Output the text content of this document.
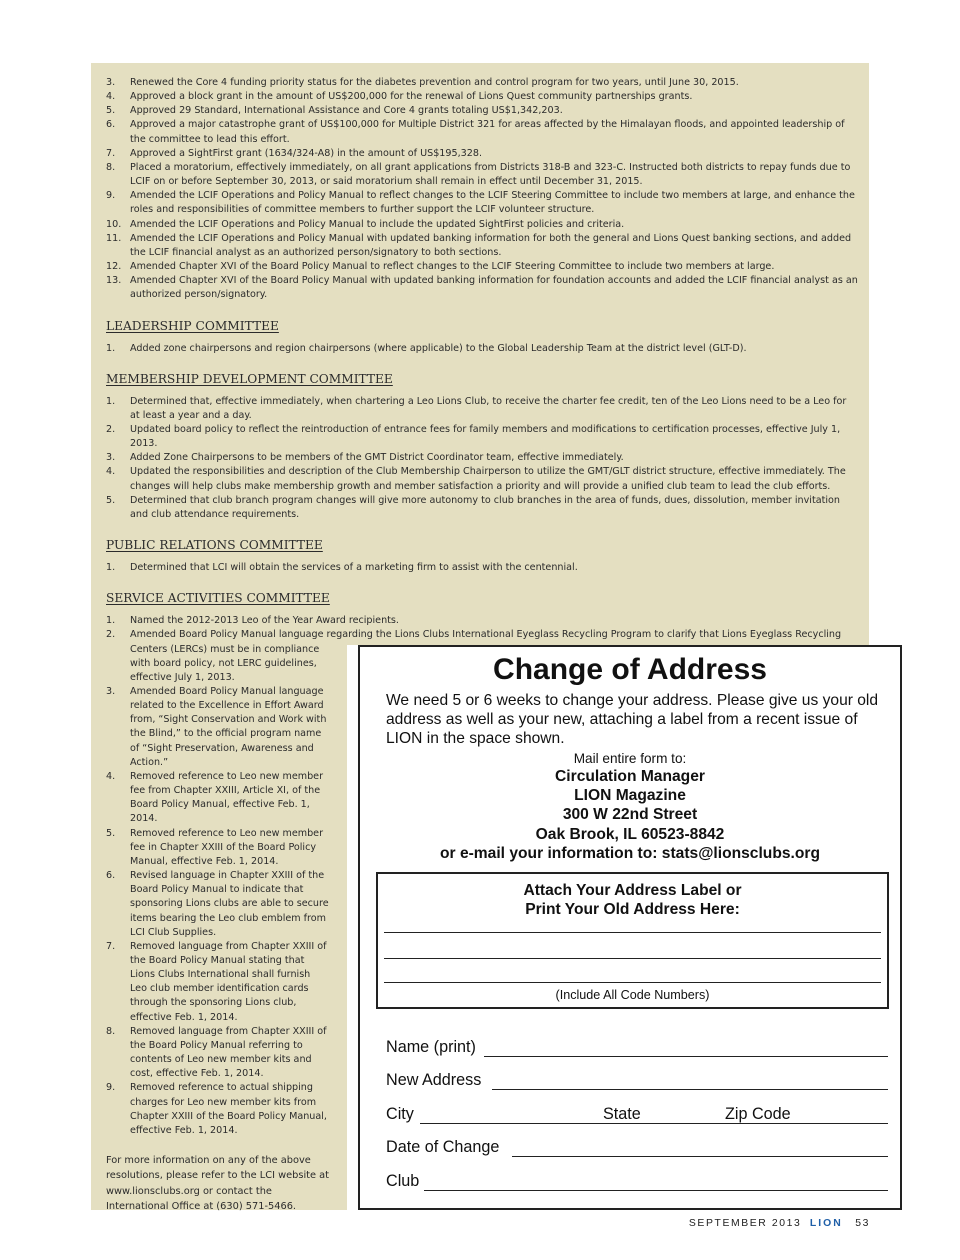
3.	Renewed the Core 4 funding priority status for the diabetes prevention and control program for two years, until June 30, 2015.
4.	Approved a block grant in the amount of US$200,000 for the renewal of Lions Quest community partnerships grants.
5.	Approved 29 Standard, International Assistance and Core 4 grants totaling US$1,342,203.
6.	Approved a major catastrophe grant of US$100,000 for Multiple District 321 for areas affected by the Himalayan floods, and appointed leadership of the committee to lead this effort.
7.	Approved a SightFirst grant (1634/324-A8) in the amount of US$195,328.
8.	Placed a moratorium, effectively immediately, on all grant applications from Districts 318-B and 323-C. Instructed both districts to repay funds due to LCIF on or before September 30, 2013, or said moratorium shall remain in effect until December 31, 2015.
9.	Amended the LCIF Operations and Policy Manual to reflect changes to the LCIF Steering Committee to include two members at large, and enhance the roles and responsibilities of committee members to further support the LCIF volunteer structure.
10. Amended the LCIF Operations and Policy Manual to include the updated SightFirst policies and criteria.
11. Amended the LCIF Operations and Policy Manual with updated banking information for both the general and Lions Quest banking sections, and added the LCIF financial analyst as an authorized person/signatory to both sections.
12. Amended Chapter XVI of the Board Policy Manual to reflect changes to the LCIF Steering Committee to include two members at large.
13. Amended Chapter XVI of the Board Policy Manual with updated banking information for foundation accounts and added the LCIF financial analyst as an authorized person/signatory.
LEADERSHIP COMMITTEE
1.	Added zone chairpersons and region chairpersons (where applicable) to the Global Leadership Team at the district level (GLT-D).
MEMBERSHIP DEVELOPMENT COMMITTEE
1.	Determined that, effective immediately, when chartering a Leo Lions Club, to receive the charter fee credit, ten of the Leo Lions need to be a Leo for at least a year and a day.
2.	Updated board policy to reflect the reintroduction of entrance fees for family members and modifications to certification processes, effective July 1, 2013.
3.	Added Zone Chairpersons to be members of the GMT District Coordinator team, effective immediately.
4.	Updated the responsibilities and description of the Club Membership Chairperson to utilize the GMT/GLT district structure, effective immediately. The changes will help clubs make membership growth and member satisfaction a priority and will provide a unified club team to lead the club efforts.
5.	Determined that club branch program changes will give more autonomy to club branches in the area of funds, dues, dissolution, member invitation and club attendance requirements.
PUBLIC RELATIONS COMMITTEE
1.	Determined that LCI will obtain the services of a marketing firm to assist with the centennial.
SERVICE ACTIVITIES COMMITTEE
1.	Named the 2012-2013 Leo of the Year Award recipients.
2.	Amended Board Policy Manual language regarding the Lions Clubs International Eyeglass Recycling Program to clarify that Lions Eyeglass Recycling Centers (LERCs) must be in compliance
with board policy, not LERC guidelines, effective July 1, 2013.
3.	Amended Board Policy Manual language related to the Excellence in Effort Award from, “Sight Conservation and Work with the Blind,” to the official program name of “Sight Preservation, Awareness and Action.”
4.	Removed reference to Leo new member fee from Chapter XXIII, Article XI, of the Board Policy Manual, effective Feb. 1, 2014.
5.	Removed reference to Leo new member fee in Chapter XXIII of the Board Policy Manual, effective Feb. 1, 2014.
6.	Revised language in Chapter XXIII of the Board Policy Manual to indicate that sponsoring Lions clubs are able to secure items bearing the Leo club emblem from LCI Club Supplies.
7.	Removed language from Chapter XXIII of the Board Policy Manual stating that Lions Clubs International shall furnish Leo club member identification cards through the sponsoring Lions club, effective Feb. 1, 2014.
8.	Removed language from Chapter XXIII of the Board Policy Manual referring to contents of Leo new member kits and cost, effective Feb. 1, 2014.
9.	Removed reference to actual shipping charges for Leo new member kits from Chapter XXIII of the Board Policy Manual, effective Feb. 1, 2014.
For more information on any of the above resolutions, please refer to the LCI website at www.lionsclubs.org or contact the International Office at (630) 571-5466.
Change of Address
We need 5 or 6 weeks to change your address. Please give us your old address as well as your new, attaching a label from a recent issue of LION in the space shown.
Mail entire form to:
Circulation Manager
LION Magazine
300 W 22nd Street
Oak Brook, IL 60523-8842
or e-mail your information to: stats@lionsclubs.org
Attach Your Address Label or
Print Your Old Address Here:
(Include All Code Numbers)
Name (print)
New Address
City	State	Zip Code
Date of Change
Club
SEPTEMBER 2013 LION 53
